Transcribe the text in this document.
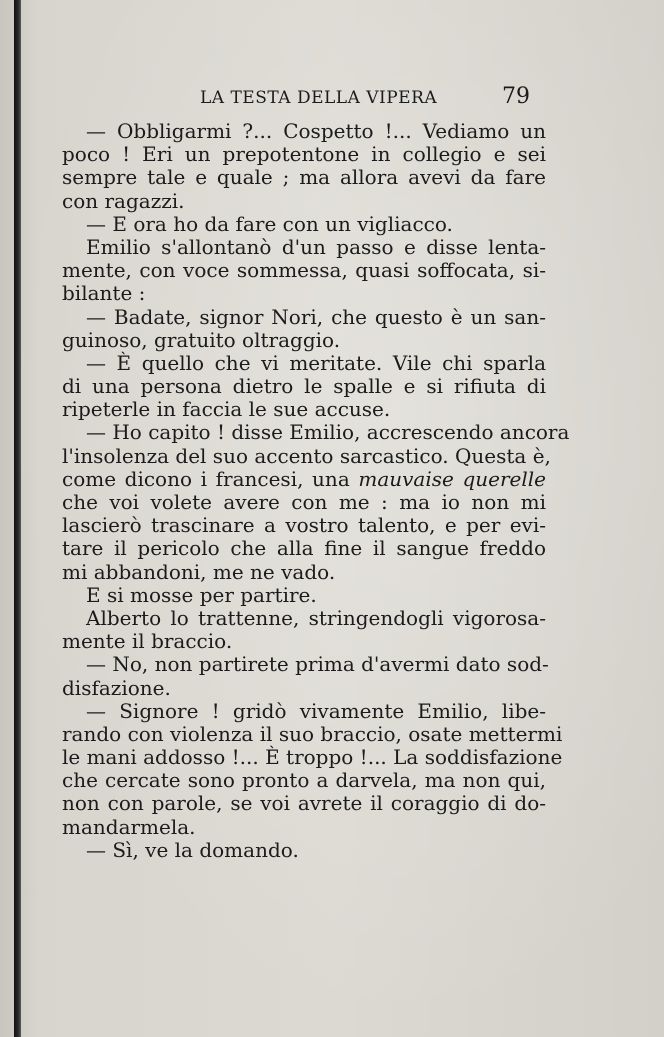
LA TESTA DELLA VIPERA	79
— Obbligarmi ?... Cospetto !... Vediamo un
poco ! Eri un prepotentone in collegio e sei
sempre tale e quale ; ma allora avevi da fare
con ragazzi.
— E ora ho da fare con un vigliacco.
Emilio s'allontanò d'un passo e disse lenta-
mente, con voce sommessa, quasi soffocata, si-
bilante :
— Badate, signor Nori, che questo è un san-
guinoso, gratuito oltraggio.
— È quello che vi meritate. Vile chi sparla
di una persona dietro le spalle e si rifiuta di
ripeterle in faccia le sue accuse.
— Ho capito ! disse Emilio, accrescendo ancora
l'insolenza del suo accento sarcastico. Questa è,
come dicono i francesi, una mauvaise querelle
che voi volete avere con me : ma io non mi
lascierò trascinare a vostro talento, e per evi-
tare il pericolo che alla fine il sangue freddo
mi abbandoni, me ne vado.
E si mosse per partire.
Alberto lo trattenne, stringendogli vigorosa-
mente il braccio.
— No, non partirete prima d'avermi dato sod-
disfazione.
— Signore ! gridò vivamente Emilio, libe-
rando con violenza il suo braccio, osate mettermi
le mani addosso !... È troppo !... La soddisfazione
che cercate sono pronto a darvela, ma non qui,
non con parole, se voi avrete il coraggio di do-
mandarmela.
— Sì, ve la domando.
